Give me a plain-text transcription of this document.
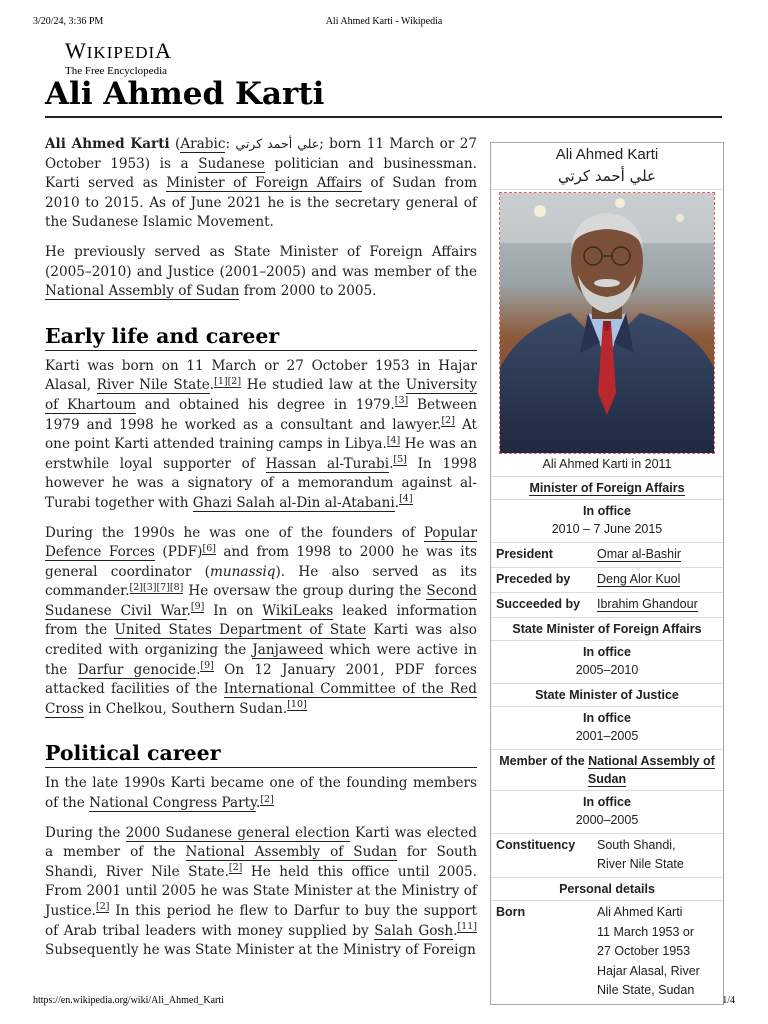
3/20/24, 3:36 PM	Ali Ahmed Karti - Wikipedia
WIKIPEDIA
The Free Encyclopedia
Ali Ahmed Karti

Ali Ahmed Karti (Arabic: علي أحمد كرتي; born 11 March or 27 October 1953) is a Sudanese politician and businessman. Karti served as Minister of Foreign Affairs of Sudan from 2010 to 2015. As of June 2021 he is the secretary general of the Sudanese Islamic Movement.

He previously served as State Minister of Foreign Affairs (2005–2010) and Justice (2001–2005) and was member of the National Assembly of Sudan from 2000 to 2005.

Early life and career

Karti was born on 11 March or 27 October 1953 in Hajar Alasal, River Nile State.[1][2] He studied law at the University of Khartoum and obtained his degree in 1979.[3] Between 1979 and 1998 he worked as a consultant and lawyer.[2] At one point Karti attended training camps in Libya.[4] He was an erstwhile loyal supporter of Hassan al-Turabi.[5] In 1998 however he was a signatory of a memorandum against al-Turabi together with Ghazi Salah al-Din al-Atabani.[4]

During the 1990s he was one of the founders of Popular Defence Forces (PDF)[6] and from 1998 to 2000 he was its general coordinator (munassiq). He also served as its commander.[2][3][7][8] He oversaw the group during the Second Sudanese Civil War.[9] In on WikiLeaks leaked information from the United States Department of State Karti was also credited with organizing the Janjaweed which were active in the Darfur genocide.[9] On 12 January 2001, PDF forces attacked facilities of the International Committee of the Red Cross in Chelkou, Southern Sudan.[10]

Political career

In the late 1990s Karti became one of the founding members of the National Congress Party.[2]

During the 2000 Sudanese general election Karti was elected a member of the National Assembly of Sudan for South Shandi, River Nile State.[2] He held this office until 2005. From 2001 until 2005 he was State Minister at the Ministry of Justice.[2] In this period he flew to Darfur to buy the support of Arab tribal leaders with money supplied by Salah Gosh.[11] Subsequently he was State Minister at the Ministry of Foreign

Ali Ahmed Karti
علي أحمد كرتي
Ali Ahmed Karti in 2011
Minister of Foreign Affairs
In office
2010 – 7 June 2015
President	Omar al-Bashir
Preceded by	Deng Alor Kuol
Succeeded by	Ibrahim Ghandour
State Minister of Foreign Affairs
In office
2005–2010
State Minister of Justice
In office
2001–2005
Member of the National Assembly of Sudan
In office
2000–2005
Constituency	South Shandi,
River Nile State
Personal details
Born	Ali Ahmed Karti
11 March 1953 or
27 October 1953
Hajar Alasal, River
Nile State, Sudan
https://en.wikipedia.org/wiki/Ali_Ahmed_Karti	1/4
